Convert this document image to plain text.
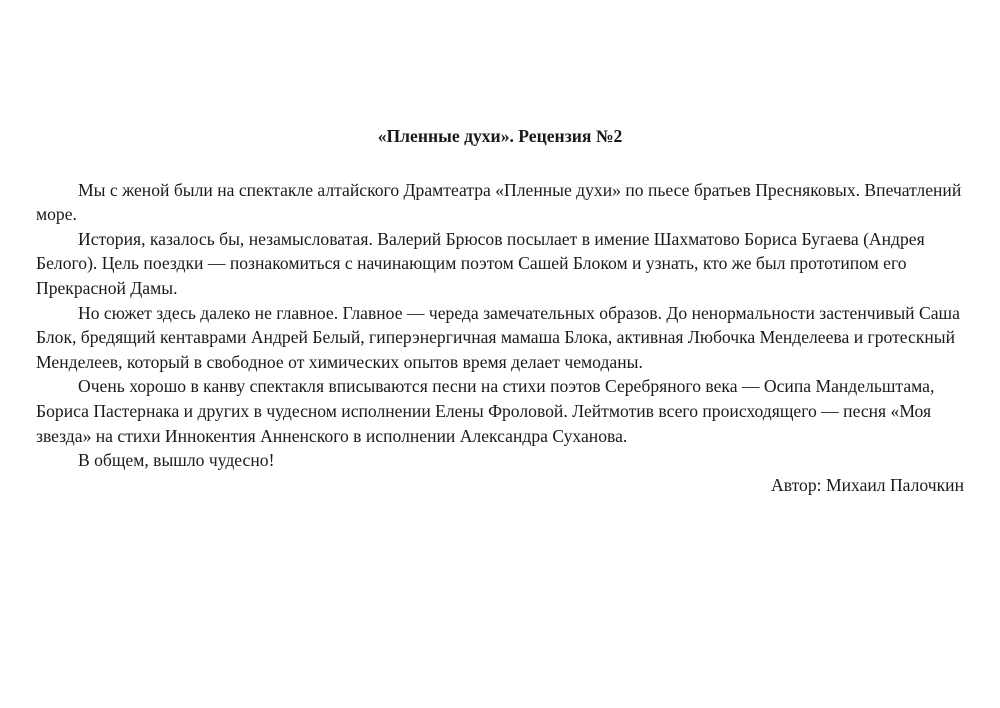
«Пленные духи». Рецензия №2

Мы с женой были на спектакле алтайского Драмтеатра «Пленные духи» по пьесе братьев Пресняковых. Впечатлений море.

История, казалось бы, незамысловатая. Валерий Брюсов посылает в имение Шахматово Бориса Бугаева (Андрея Белого). Цель поездки — познакомиться с начинающим поэтом Сашей Блоком и узнать, кто же был прототипом его Прекрасной Дамы.

Но сюжет здесь далеко не главное. Главное — череда замечательных образов. До ненормальности застенчивый Саша Блок, бредящий кентаврами Андрей Белый, гиперэнергичная мамаша Блока, активная Любочка Менделеева и гротескный Менделеев, который в свободное от химических опытов время делает чемоданы.

Очень хорошо в канву спектакля вписываются песни на стихи поэтов Серебряного века — Осипа Мандельштама, Бориса Пастернака и других в чудесном исполнении Елены Фроловой. Лейтмотив всего происходящего — песня «Моя звезда» на стихи Иннокентия Анненского в исполнении Александра Суханова.

В общем, вышло чудесно!

Автор: Михаил Палочкин
